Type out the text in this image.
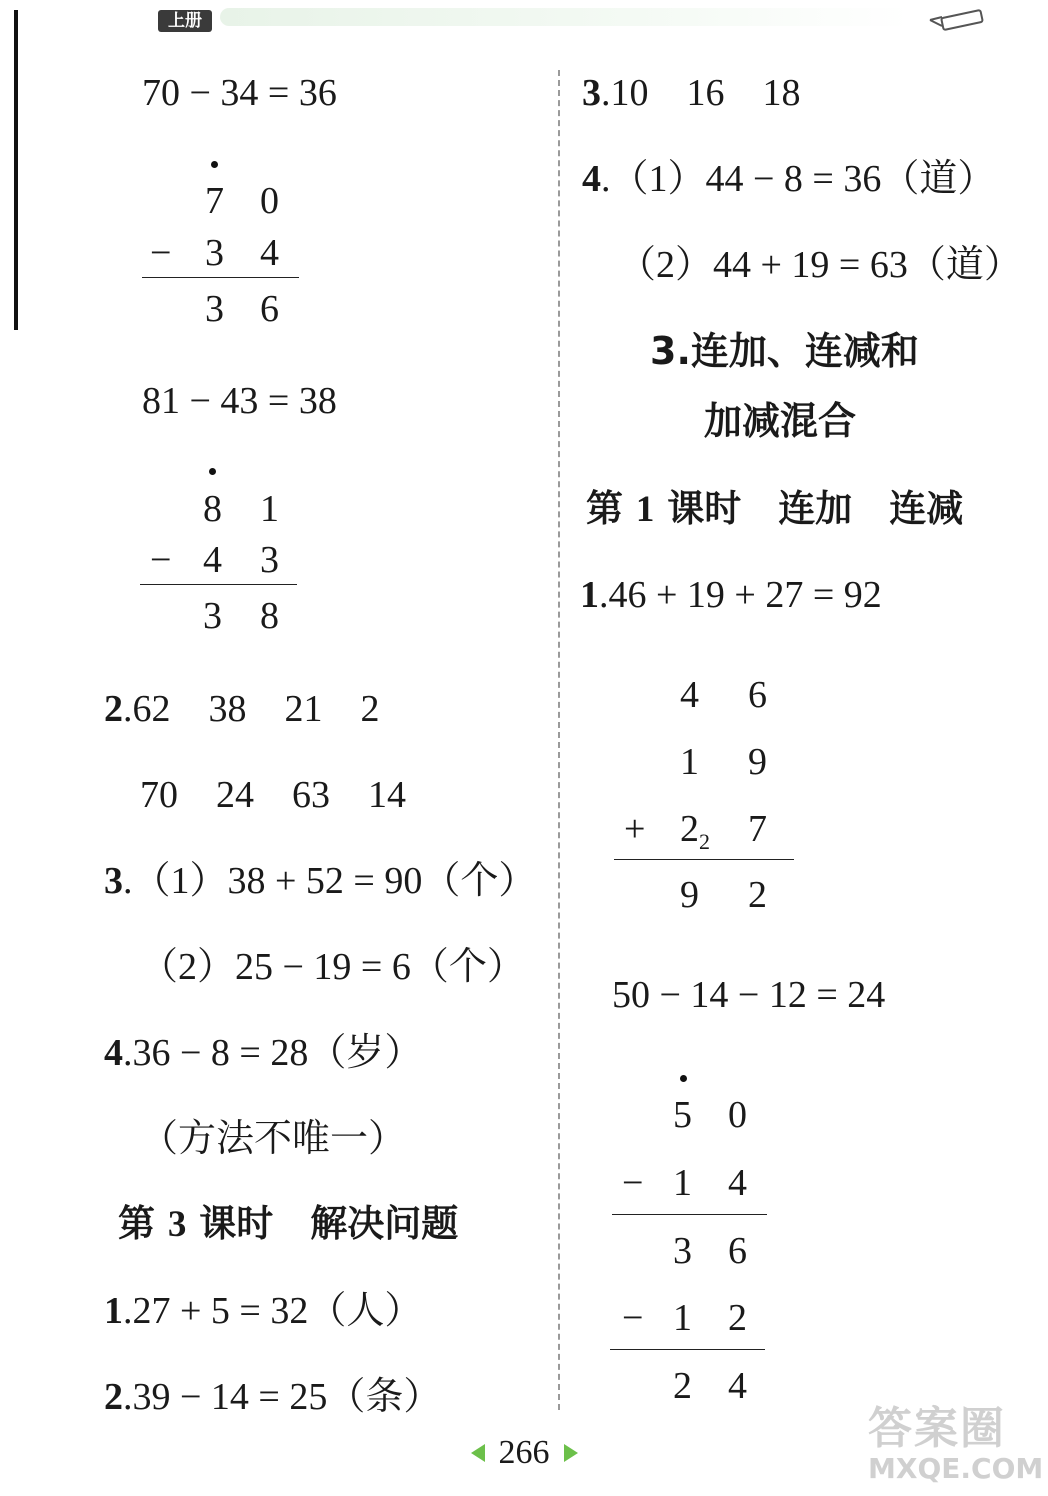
上册
70 − 34 = 36
7 0
− 3 4
3 6
81 − 43 = 38
8 1
− 4 3
3 8
2.62    38    21    2
70    24    63    14
3.（1）38 + 52 = 90（个）
（2）25 − 19 = 6（个）
4.36 − 8 = 28（岁）
（方法不唯一）
第 3 课时　解决问题
1.27 + 5 = 32（人）
2.39 − 14 = 25（条）
3.10    16    18
4.（1）44 − 8 = 36（道）
（2）44 + 19 = 63（道）
3.连加、连减和
加减混合
第 1 课时　连加　连减
1.46 + 19 + 27 = 92
4 6
1 9
+ $2_2$ 7
9 2
50 − 14 − 12 = 24
5 0
− 1 4
3 6
− 1 2
2 4
266	答案圈
MXQE.COM
